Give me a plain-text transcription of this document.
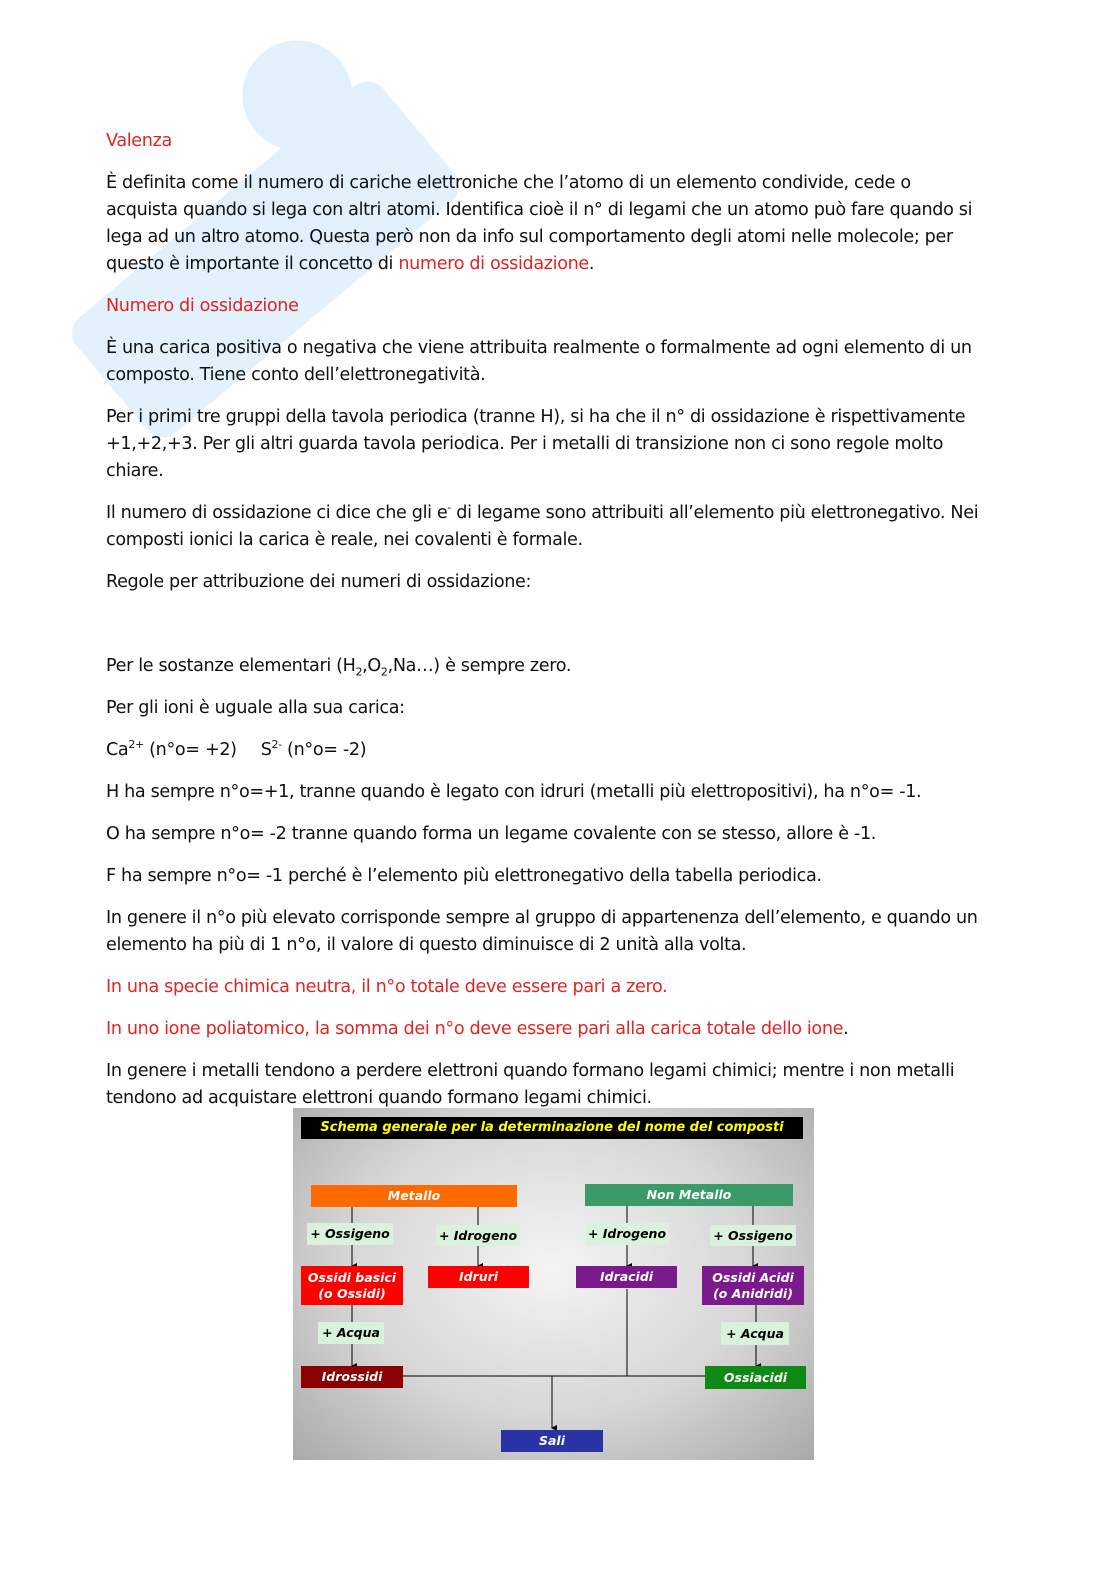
Valenza

È definita come il numero di cariche elettroniche che l’atomo di un elemento condivide, cede o acquista quando si lega con altri atomi. Identifica cioè il n° di legami che un atomo può fare quando si lega ad un altro atomo. Questa però non da info sul comportamento degli atomi nelle molecole; per questo è importante il concetto di numero di ossidazione.

Numero di ossidazione

È una carica positiva o negativa che viene attribuita realmente o formalmente ad ogni elemento di un composto. Tiene conto dell’elettronegatività.

Per i primi tre gruppi della tavola periodica (tranne H), si ha che il n° di ossidazione è rispettivamente +1,+2,+3. Per gli altri guarda tavola periodica. Per i metalli di transizione non ci sono regole molto chiare.

Il numero di ossidazione ci dice che gli e- di legame sono attribuiti all’elemento più elettronegativo. Nei composti ionici la carica è reale, nei covalenti è formale.

Regole per attribuzione dei numeri di ossidazione:

Per le sostanze elementari $(H_2,O_2,Na\dots)$ è sempre zero.

Per gli ioni è uguale alla sua carica:

$Ca^{2+}$ (n°o= +2) $S^{2-}$ (n°o= -2)

H ha sempre n°o=+1, tranne quando è legato con idruri (metalli più elettropositivi), ha n°o= -1.

O ha sempre n°o= -2 tranne quando forma un legame covalente con se stesso, allore è -1.

F ha sempre n°o= -1 perché è l’elemento più elettronegativo della tabella periodica.

In genere il n°o più elevato corrisponde sempre al gruppo di appartenenza dell’elemento, e quando un elemento ha più di 1 n°o, il valore di questo diminuisce di 2 unità alla volta.

In una specie chimica neutra, il n°o totale deve essere pari a zero.

In uno ione poliatomico, la somma dei n°o deve essere pari alla carica totale dello ione.

In genere i metalli tendono a perdere elettroni quando formano legami chimici; mentre i non metalli tendono ad acquistare elettroni quando formano legami chimici.

Schema generale per la determinazione del nome del composti
Metallo	Non Metallo
+ Ossigeno	+ Idrogeno	+ Idrogeno	+ Ossigeno
Ossidi basici
(o Ossidi)
Idruri	Idracidi	Ossidi Acidi
(o Anidridi)
+ Acqua	+ Acqua
Idrossidi	Ossiacidi
Sali
